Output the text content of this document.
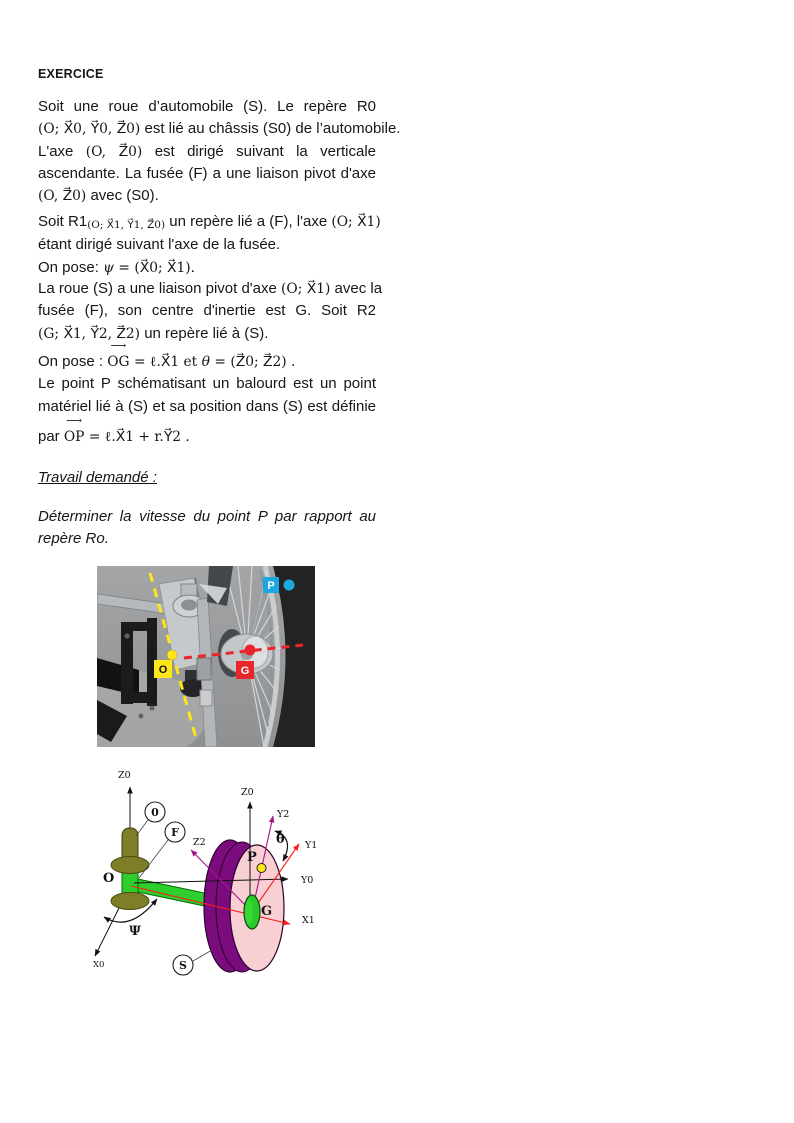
EXERCICE
Soit une roue d’automobile (S). Le repère R0
(O; X⃗0, Y⃗0, Z⃗0) est lié au châssis (S0) de l’automobile.
L'axe (O, Z⃗0) est dirigé suivant la verticale
ascendante. La fusée (F) a une liaison pivot d'axe
(O, Z⃗0) avec (S0).
Soit R1(O; X⃗1, Y⃗1, Z⃗0) un repère lié a (F), l'axe (O; X⃗1)
étant dirigé suivant l'axe de la fusée.
On pose: ψ = (X⃗0; X⃗1).
La roue (S) a une liaison pivot d'axe (O; X⃗1) avec la
fusée (F), son centre d'inertie est G. Soit R2
(G; X⃗1, Y⃗2, Z⃗2) un repère lié à (S).
On pose : ⟶ OG = ℓ.X⃗1 et θ = (Z⃗0; Z⃗2) .
Le point P schématisant un balourd est un point
matériel lié à (S) et sa position dans (S) est définie
par ⟶ OP = ℓ.X⃗1 + r.Y⃗2 .
Travail demandé :
Déterminer la vitesse du point P par rapport au
repère Ro.
O	G
P
Z0
X0
Y0
Z0
Z2
Y2
Y1
X1
θ
Ψ
0
F
S
P
G
O
